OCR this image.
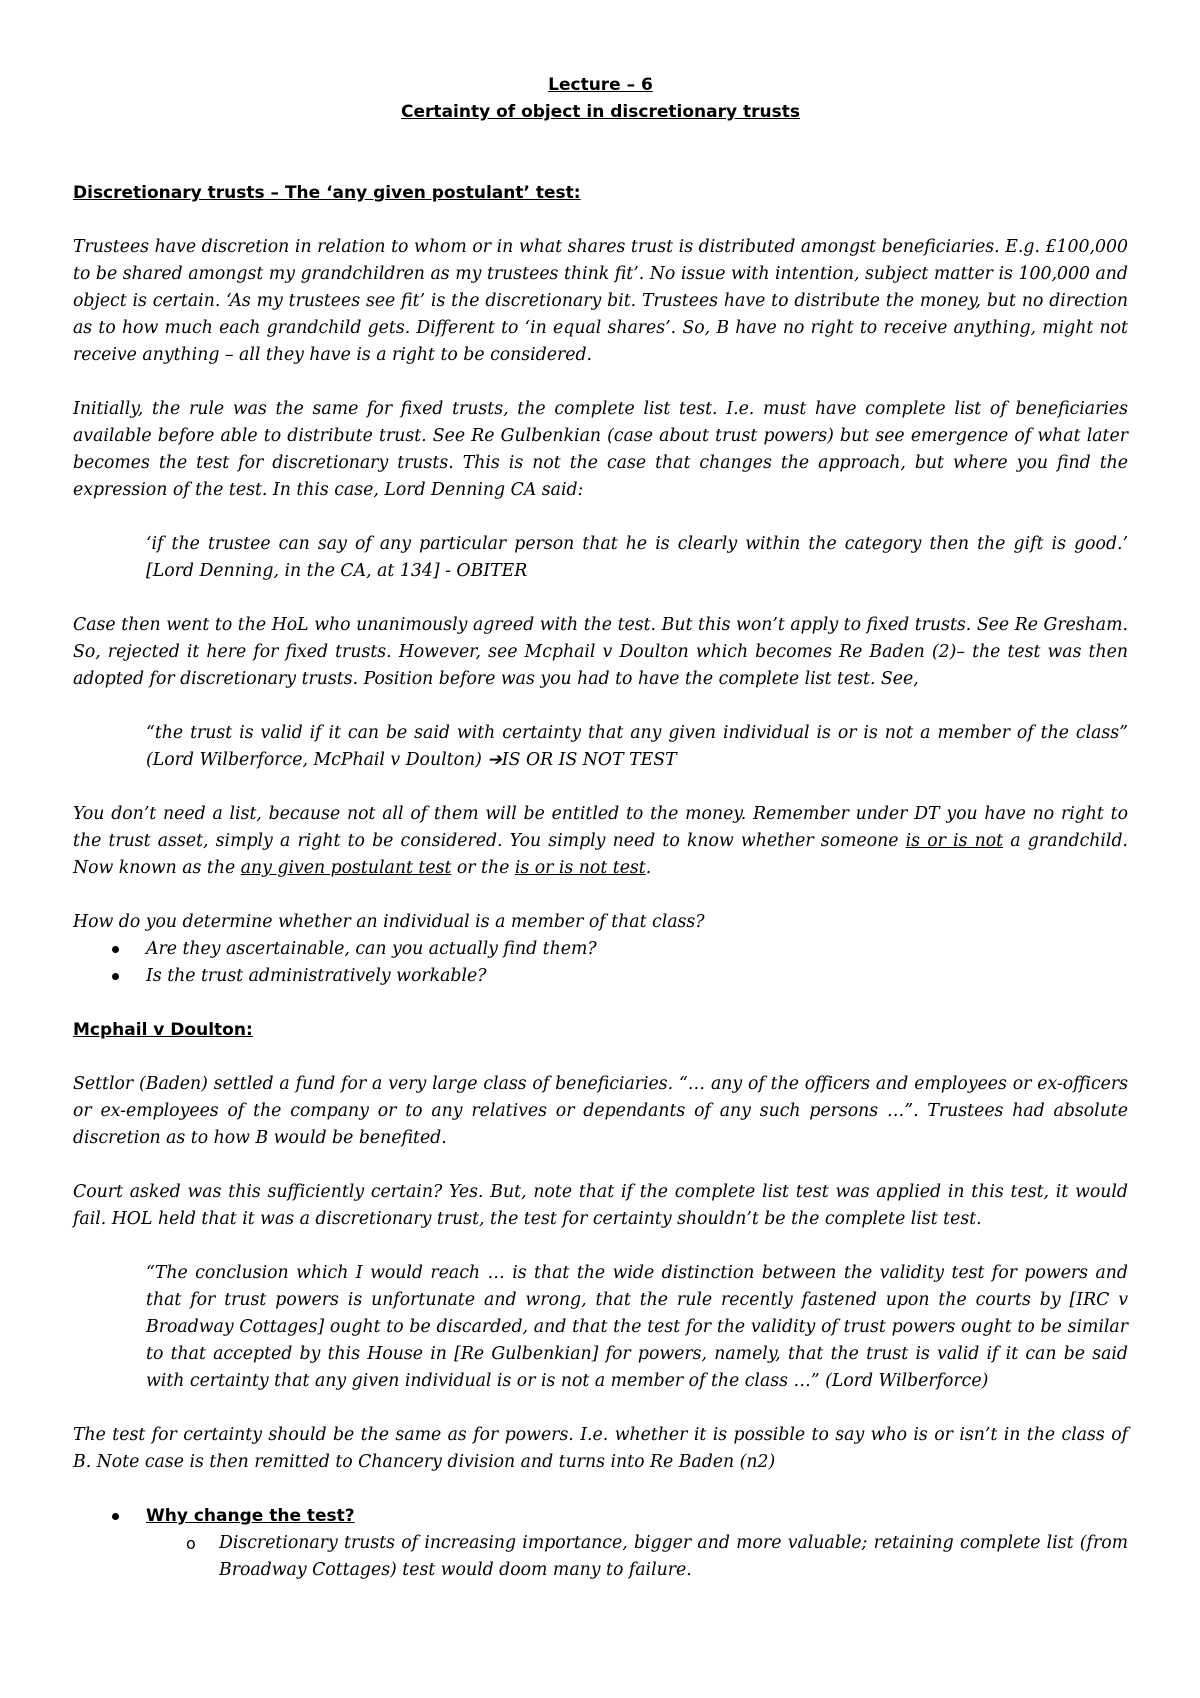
Lecture – 6

Certainty of object in discretionary trusts

Discretionary trusts – The ‘any given postulant’ test:

Trustees have discretion in relation to whom or in what shares trust is distributed amongst beneficiaries. E.g. £100,000 to be shared amongst my grandchildren as my trustees think fit’. No issue with intention, subject matter is 100,000 and object is certain. ‘As my trustees see fit’ is the discretionary bit. Trustees have to distribute the money, but no direction as to how much each grandchild gets. Different to ‘in equal shares’. So, B have no right to receive anything, might not receive anything – all they have is a right to be considered.

Initially, the rule was the same for fixed trusts, the complete list test. I.e. must have complete list of beneficiaries available before able to distribute trust. See Re Gulbenkian (case about trust powers) but see emergence of what later becomes the test for discretionary trusts. This is not the case that changes the approach, but where you find the expression of the test. In this case, Lord Denning CA said:

‘if the trustee can say of any particular person that he is clearly within the category then the gift is good.’ [Lord Denning, in the CA, at 134] - OBITER

Case then went to the HoL who unanimously agreed with the test. But this won’t apply to fixed trusts. See Re Gresham. So, rejected it here for fixed trusts. However, see Mcphail v Doulton which becomes Re Baden (2)– the test was then adopted for discretionary trusts. Position before was you had to have the complete list test. See,

“the trust is valid if it can be said with certainty that any given individual is or is not a member of the class” (Lord Wilberforce, McPhail v Doulton) ➔IS OR IS NOT TEST

You don’t need a list, because not all of them will be entitled to the money. Remember under DT you have no right to the trust asset, simply a right to be considered. You simply need to know whether someone is or is not a grandchild. Now known as the any given postulant test or the is or is not test.

How do you determine whether an individual is a member of that class?

Are they ascertainable, can you actually find them?
Is the trust administratively workable?

Mcphail v Doulton:

Settlor (Baden) settled a fund for a very large class of beneficiaries. “… any of the officers and employees or ex-officers or ex-employees of the company or to any relatives or dependants of any such persons …”. Trustees had absolute discretion as to how B would be benefited.

Court asked was this sufficiently certain? Yes. But, note that if the complete list test was applied in this test, it would fail. HOL held that it was a discretionary trust, the test for certainty shouldn’t be the complete list test.

“The conclusion which I would reach … is that the wide distinction between the validity test for powers and that for trust powers is unfortunate and wrong, that the rule recently fastened upon the courts by [IRC v Broadway Cottages] ought to be discarded, and that the test for the validity of trust powers ought to be similar to that accepted by this House in [Re Gulbenkian] for powers, namely, that the trust is valid if it can be said with certainty that any given individual is or is not a member of the class …” (Lord Wilberforce)

The test for certainty should be the same as for powers. I.e. whether it is possible to say who is or isn’t in the class of B. Note case is then remitted to Chancery division and turns into Re Baden (n2)

Why change the test?
o Discretionary trusts of increasing importance, bigger and more valuable; retaining complete list (from Broadway Cottages) test would doom many to failure.
